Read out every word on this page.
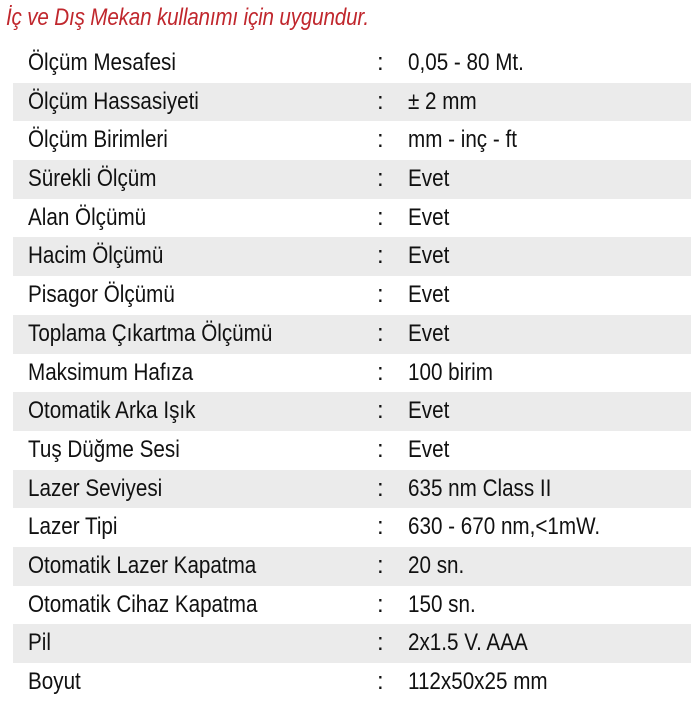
İç ve Dış Mekan kullanımı için uygundur.
Ölçüm Mesafesi	: 0,05 - 80 Mt.
Ölçüm Hassasiyeti	: ± 2 mm
Ölçüm Birimleri	: mm - inç - ft
Sürekli Ölçüm	: Evet
Alan Ölçümü	: Evet
Hacim Ölçümü	: Evet
Pisagor Ölçümü	: Evet
Toplama Çıkartma Ölçümü	: Evet
Maksimum Hafıza	: 100 birim
Otomatik Arka Işık	: Evet
Tuş Düğme Sesi	: Evet
Lazer Seviyesi	: 635 nm Class II
Lazer Tipi	: 630 - 670 nm,<1mW.
Otomatik Lazer Kapatma	: 20 sn.
Otomatik Cihaz Kapatma	: 150 sn.
Pil	: 2x1.5 V. AAA
Boyut	: 112x50x25 mm
